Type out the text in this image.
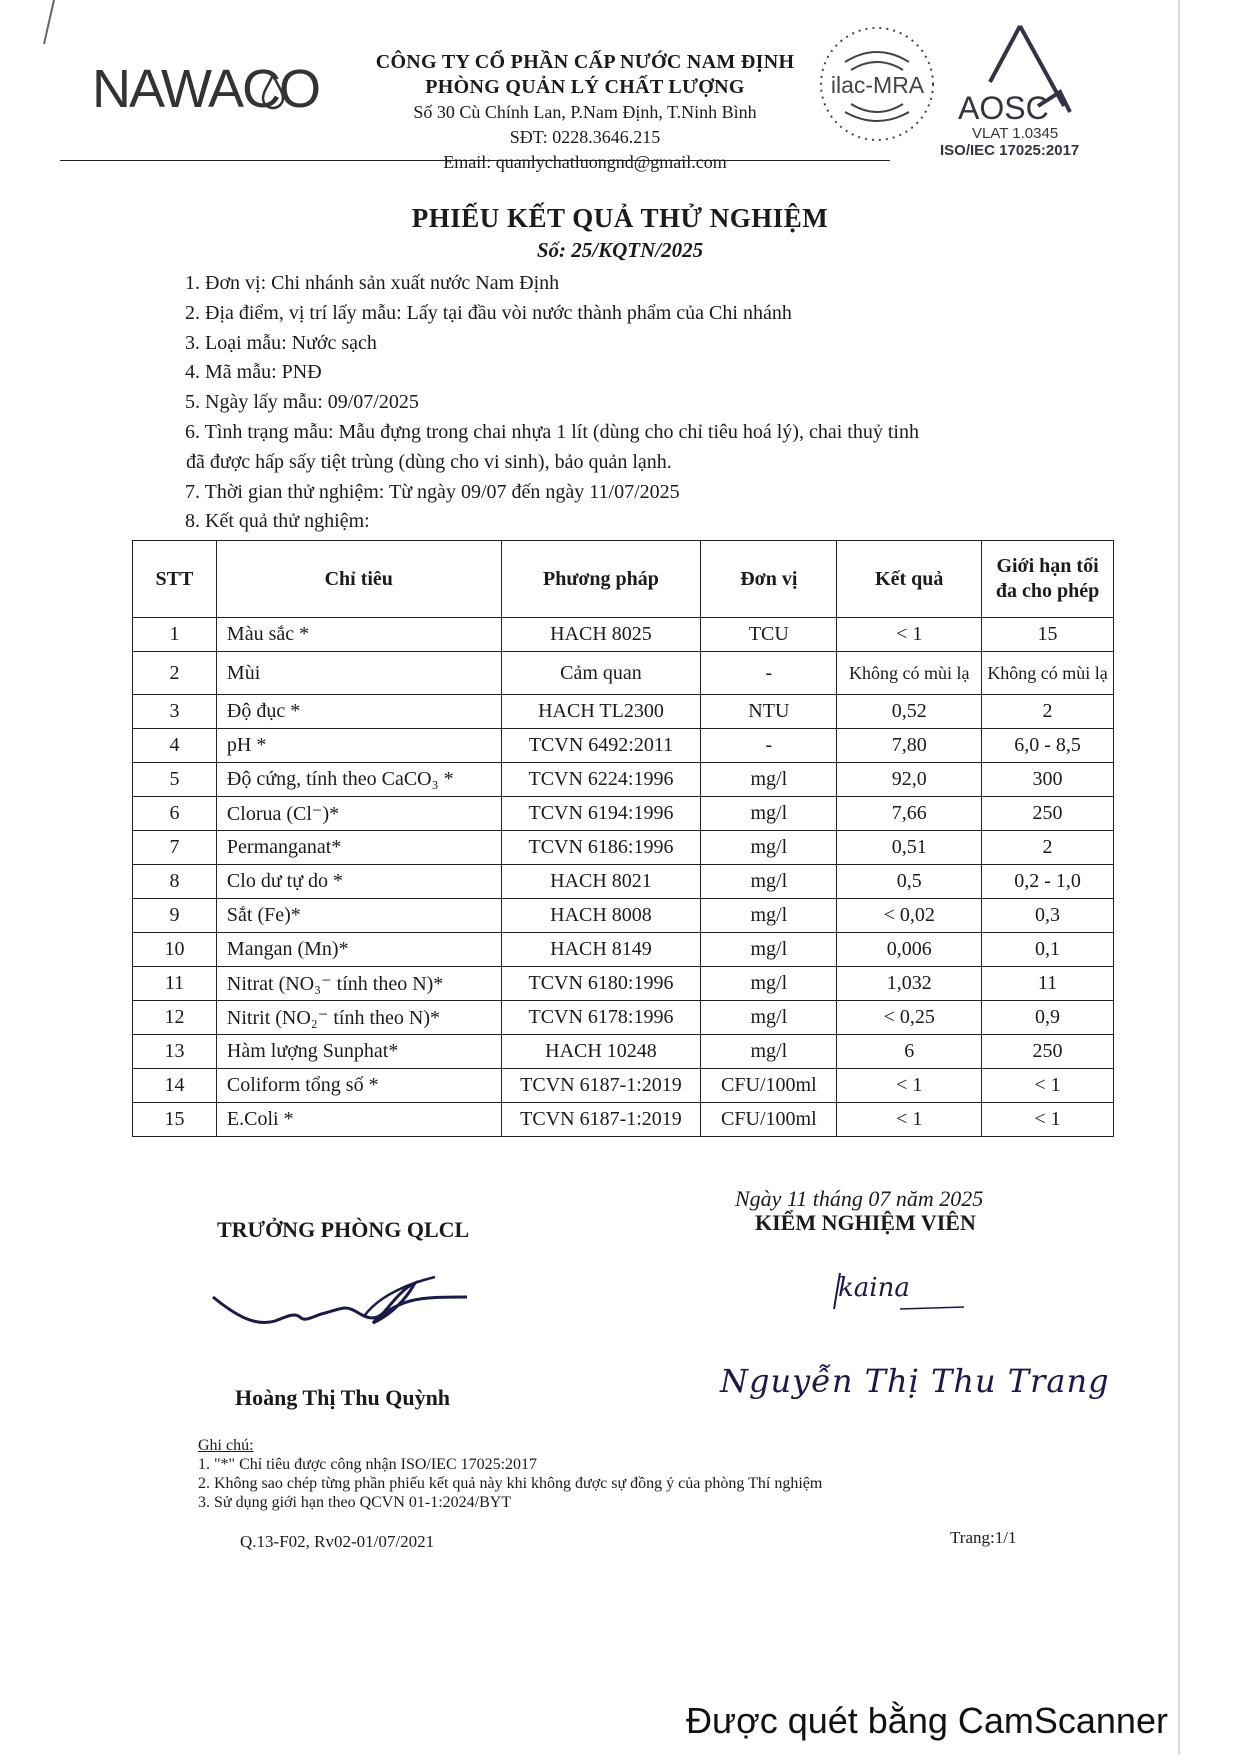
NAWACO	CÔNG TY CỔ PHẦN CẤP NƯỚC NAM ĐỊNH
PHÒNG QUẢN LÝ CHẤT LƯỢNG
Số 30 Cù Chính Lan, P.Nam Định, T.Ninh Bình
SĐT: 0228.3646.215
Email: quanlychatluongnd@gmail.com
ilac-MRA
AOSC
VLAT 1.0345
ISO/IEC 17025:2017
PHIẾU KẾT QUẢ THỬ NGHIỆM
Số: 25/KQTN/2025
1. Đơn vị: Chi nhánh sản xuất nước Nam Định
2. Địa điểm, vị trí lấy mẫu: Lấy tại đầu vòi nước thành phẩm của Chi nhánh
3. Loại mẫu: Nước sạch
4. Mã mẫu: PNĐ
5. Ngày lấy mẫu: 09/07/2025
6. Tình trạng mẫu: Mẫu đựng trong chai nhựa 1 lít (dùng cho chỉ tiêu hoá lý), chai thuỷ tinh
đã được hấp sấy tiệt trùng (dùng cho vi sinh), bảo quản lạnh.
7. Thời gian thử nghiệm: Từ ngày 09/07 đến ngày 11/07/2025
8. Kết quả thử nghiệm:
STT	Chỉ tiêu	Phương pháp	Đơn vị	Kết quả	Giới hạn tối đa cho phép
1	Màu sắc *	HACH 8025	TCU	< 1	15
2	Mùi	Cảm quan	-	Không có mùi lạ	Không có mùi lạ
3	Độ đục *	HACH TL2300	NTU	0,52	2
4	pH *	TCVN 6492:2011	-	7,80	6,0 - 8,5
5	Độ cứng, tính theo CaCO₃ *	TCVN 6224:1996	mg/l	92,0	300
6	Clorua (Cl⁻)*	TCVN 6194:1996	mg/l	7,66	250
7	Permanganat*	TCVN 6186:1996	mg/l	0,51	2
8	Clo dư tự do *	HACH 8021	mg/l	0,5	0,2 - 1,0
9	Sắt (Fe)*	HACH 8008	mg/l	< 0,02	0,3
10	Mangan (Mn)*	HACH 8149	mg/l	0,006	0,1
11	Nitrat (NO₃⁻ tính theo N)*	TCVN 6180:1996	mg/l	1,032	11
12	Nitrit (NO₂⁻ tính theo N)*	TCVN 6178:1996	mg/l	< 0,25	0,9
13	Hàm lượng Sunphat*	HACH 10248	mg/l	6	250
14	Coliform tổng số *	TCVN 6187-1:2019	CFU/100ml	< 1	< 1
15	E.Coli *	TCVN 6187-1:2019	CFU/100ml	< 1	< 1
Ngày 11 tháng 07 năm 2025
TRƯỞNG PHÒNG QLCL	KIỂM NGHIỆM VIÊN
kaina
Nguyễn Thị Thu Trang
Hoàng Thị Thu Quỳnh
Ghi chú:
1. "*" Chỉ tiêu được công nhận ISO/IEC 17025:2017
2. Không sao chép từng phần phiếu kết quả này khi không được sự đồng ý của phòng Thí nghiệm
3. Sử dụng giới hạn theo QCVN 01-1:2024/BYT
Q.13-F02, Rv02-01/07/2021	Trang:1/1
Được quét bằng CamScanner
